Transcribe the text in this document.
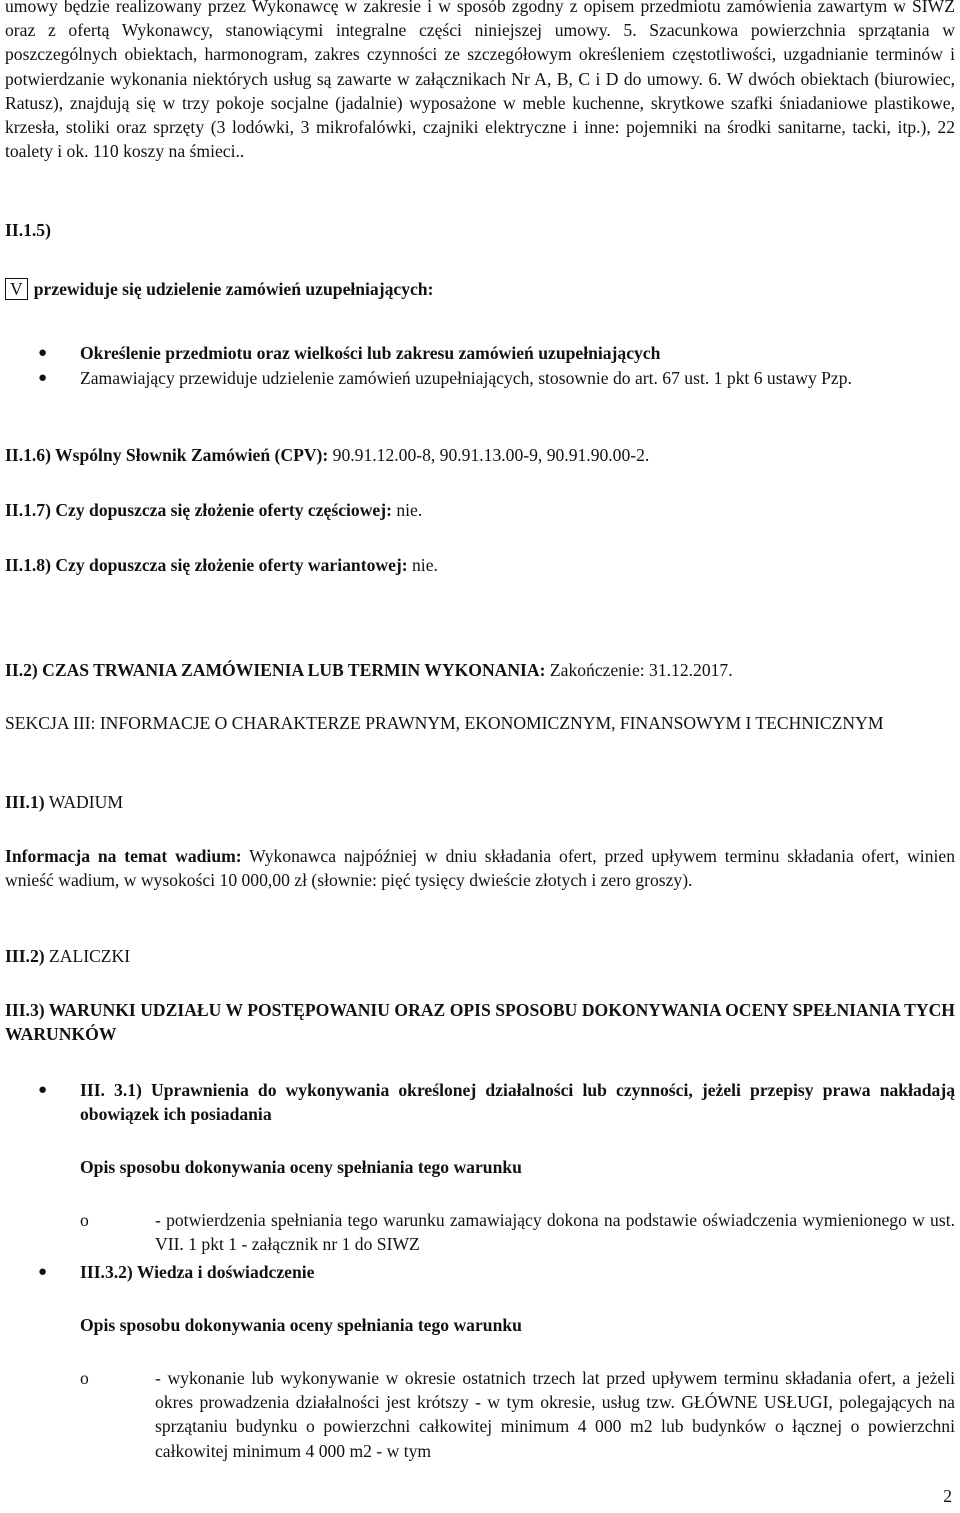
umowy będzie realizowany przez Wykonawcę w zakresie i w sposób zgodny z opisem przedmiotu zamówienia zawartym w SIWZ oraz z ofertą Wykonawcy, stanowiącymi integralne części niniejszej umowy. 5. Szacunkowa powierzchnia sprzątania w poszczególnych obiektach, harmonogram, zakres czynności ze szczegółowym określeniem częstotliwości, uzgadnianie terminów i potwierdzanie wykonania niektórych usług są zawarte w załącznikach Nr A, B, C i D do umowy. 6. W dwóch obiektach (biurowiec, Ratusz), znajdują się w trzy pokoje socjalne (jadalnie) wyposażone w meble kuchenne, skrytkowe szafki śniadaniowe plastikowe, krzesła, stoliki oraz sprzęty (3 lodówki, 3 mikrofalówki, czajniki elektryczne i inne: pojemniki na środki sanitarne, tacki, itp.), 22 toalety i ok. 110 koszy na śmieci..

II.1.5)

V przewiduje się udzielenie zamówień uzupełniających:

● Określenie przedmiotu oraz wielkości lub zakresu zamówień uzupełniających

● Zamawiający przewiduje udzielenie zamówień uzupełniających, stosownie do art. 67 ust. 1 pkt 6 ustawy Pzp.

II.1.6) Wspólny Słownik Zamówień (CPV): 90.91.12.00-8, 90.91.13.00-9, 90.91.90.00-2.

II.1.7) Czy dopuszcza się złożenie oferty częściowej: nie.

II.1.8) Czy dopuszcza się złożenie oferty wariantowej: nie.

II.2) CZAS TRWANIA ZAMÓWIENIA LUB TERMIN WYKONANIA: Zakończenie: 31.12.2017.

SEKCJA III: INFORMACJE O CHARAKTERZE PRAWNYM, EKONOMICZNYM, FINANSOWYM I TECHNICZNYM

III.1) WADIUM

Informacja na temat wadium: Wykonawca najpóźniej w dniu składania ofert, przed upływem terminu składania ofert, winien wnieść wadium, w wysokości 10 000,00 zł (słownie: pięć tysięcy dwieście złotych i zero groszy).

III.2) ZALICZKI

III.3) WARUNKI UDZIAŁU W POSTĘPOWANIU ORAZ OPIS SPOSOBU DOKONYWANIA OCENY SPEŁNIANIA TYCH WARUNKÓW

● III. 3.1) Uprawnienia do wykonywania określonej działalności lub czynności, jeżeli przepisy prawa nakładają obowiązek ich posiadania

Opis sposobu dokonywania oceny spełniania tego warunku

o	- potwierdzenia spełniania tego warunku zamawiający dokona na podstawie oświadczenia wymienionego w ust. VII. 1 pkt 1 - załącznik nr 1 do SIWZ

● III.3.2) Wiedza i doświadczenie

Opis sposobu dokonywania oceny spełniania tego warunku

o	- wykonanie lub wykonywanie w okresie ostatnich trzech lat przed upływem terminu składania ofert, a jeżeli okres prowadzenia działalności jest krótszy - w tym okresie, usług tzw. GŁÓWNE USŁUGI, polegających na sprzątaniu budynku o powierzchni całkowitej minimum 4 000 m2 lub budynków o łącznej o powierzchni całkowitej minimum 4 000 m2 - w tym

2
